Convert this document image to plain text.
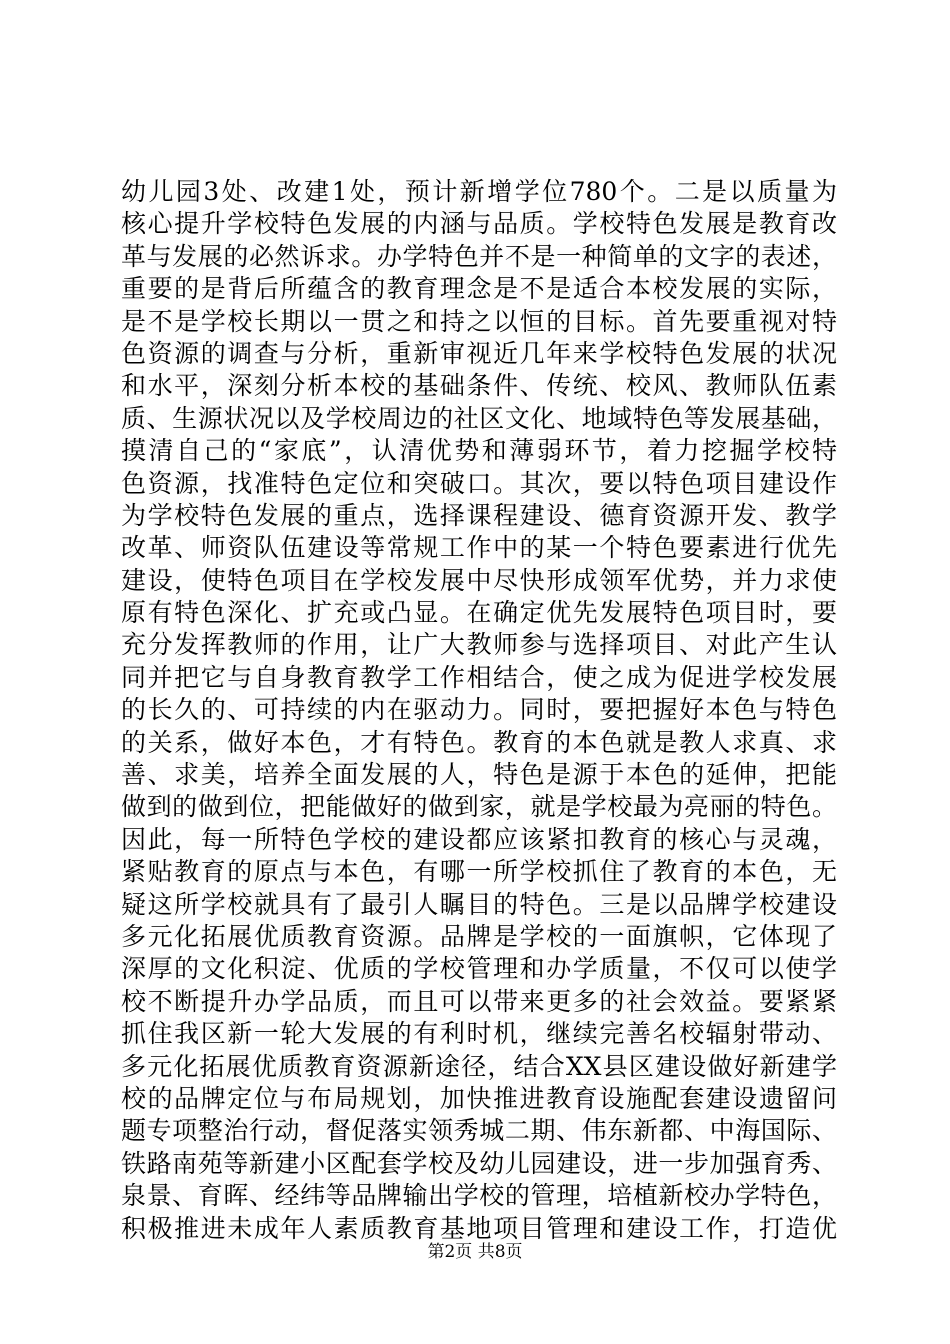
幼儿园3处、改建1处，预计新增学位780个。二是以质量为
核心提升学校特色发展的内涵与品质。学校特色发展是教育改
革与发展的必然诉求。办学特色并不是一种简单的文字的表述，
重要的是背后所蕴含的教育理念是不是适合本校发展的实际，
是不是学校长期以一贯之和持之以恒的目标。首先要重视对特
色资源的调查与分析，重新审视近几年来学校特色发展的状况
和水平，深刻分析本校的基础条件、传统、校风、教师队伍素
质、生源状况以及学校周边的社区文化、地域特色等发展基础，
摸清自己的“家底”，认清优势和薄弱环节，着力挖掘学校特
色资源，找准特色定位和突破口。其次，要以特色项目建设作
为学校特色发展的重点，选择课程建设、德育资源开发、教学
改革、师资队伍建设等常规工作中的某一个特色要素进行优先
建设，使特色项目在学校发展中尽快形成领军优势，并力求使
原有特色深化、扩充或凸显。在确定优先发展特色项目时，要
充分发挥教师的作用，让广大教师参与选择项目、对此产生认
同并把它与自身教育教学工作相结合，使之成为促进学校发展
的长久的、可持续的内在驱动力。同时，要把握好本色与特色
的关系，做好本色，才有特色。教育的本色就是教人求真、求
善、求美，培养全面发展的人，特色是源于本色的延伸，把能
做到的做到位，把能做好的做到家，就是学校最为亮丽的特色。
因此，每一所特色学校的建设都应该紧扣教育的核心与灵魂，
紧贴教育的原点与本色，有哪一所学校抓住了教育的本色，无
疑这所学校就具有了最引人瞩目的特色。三是以品牌学校建设
多元化拓展优质教育资源。品牌是学校的一面旗帜，它体现了
深厚的文化积淀、优质的学校管理和办学质量，不仅可以使学
校不断提升办学品质，而且可以带来更多的社会效益。要紧紧
抓住我区新一轮大发展的有利时机，继续完善名校辐射带动、
多元化拓展优质教育资源新途径，结合XX县区建设做好新建学
校的品牌定位与布局规划，加快推进教育设施配套建设遗留问
题专项整治行动，督促落实领秀城二期、伟东新都、中海国际、
铁路南苑等新建小区配套学校及幼儿园建设，进一步加强育秀、
泉景、育晖、经纬等品牌输出学校的管理，培植新校办学特色，
积极推进未成年人素质教育基地项目管理和建设工作，打造优
第2页 共8页
